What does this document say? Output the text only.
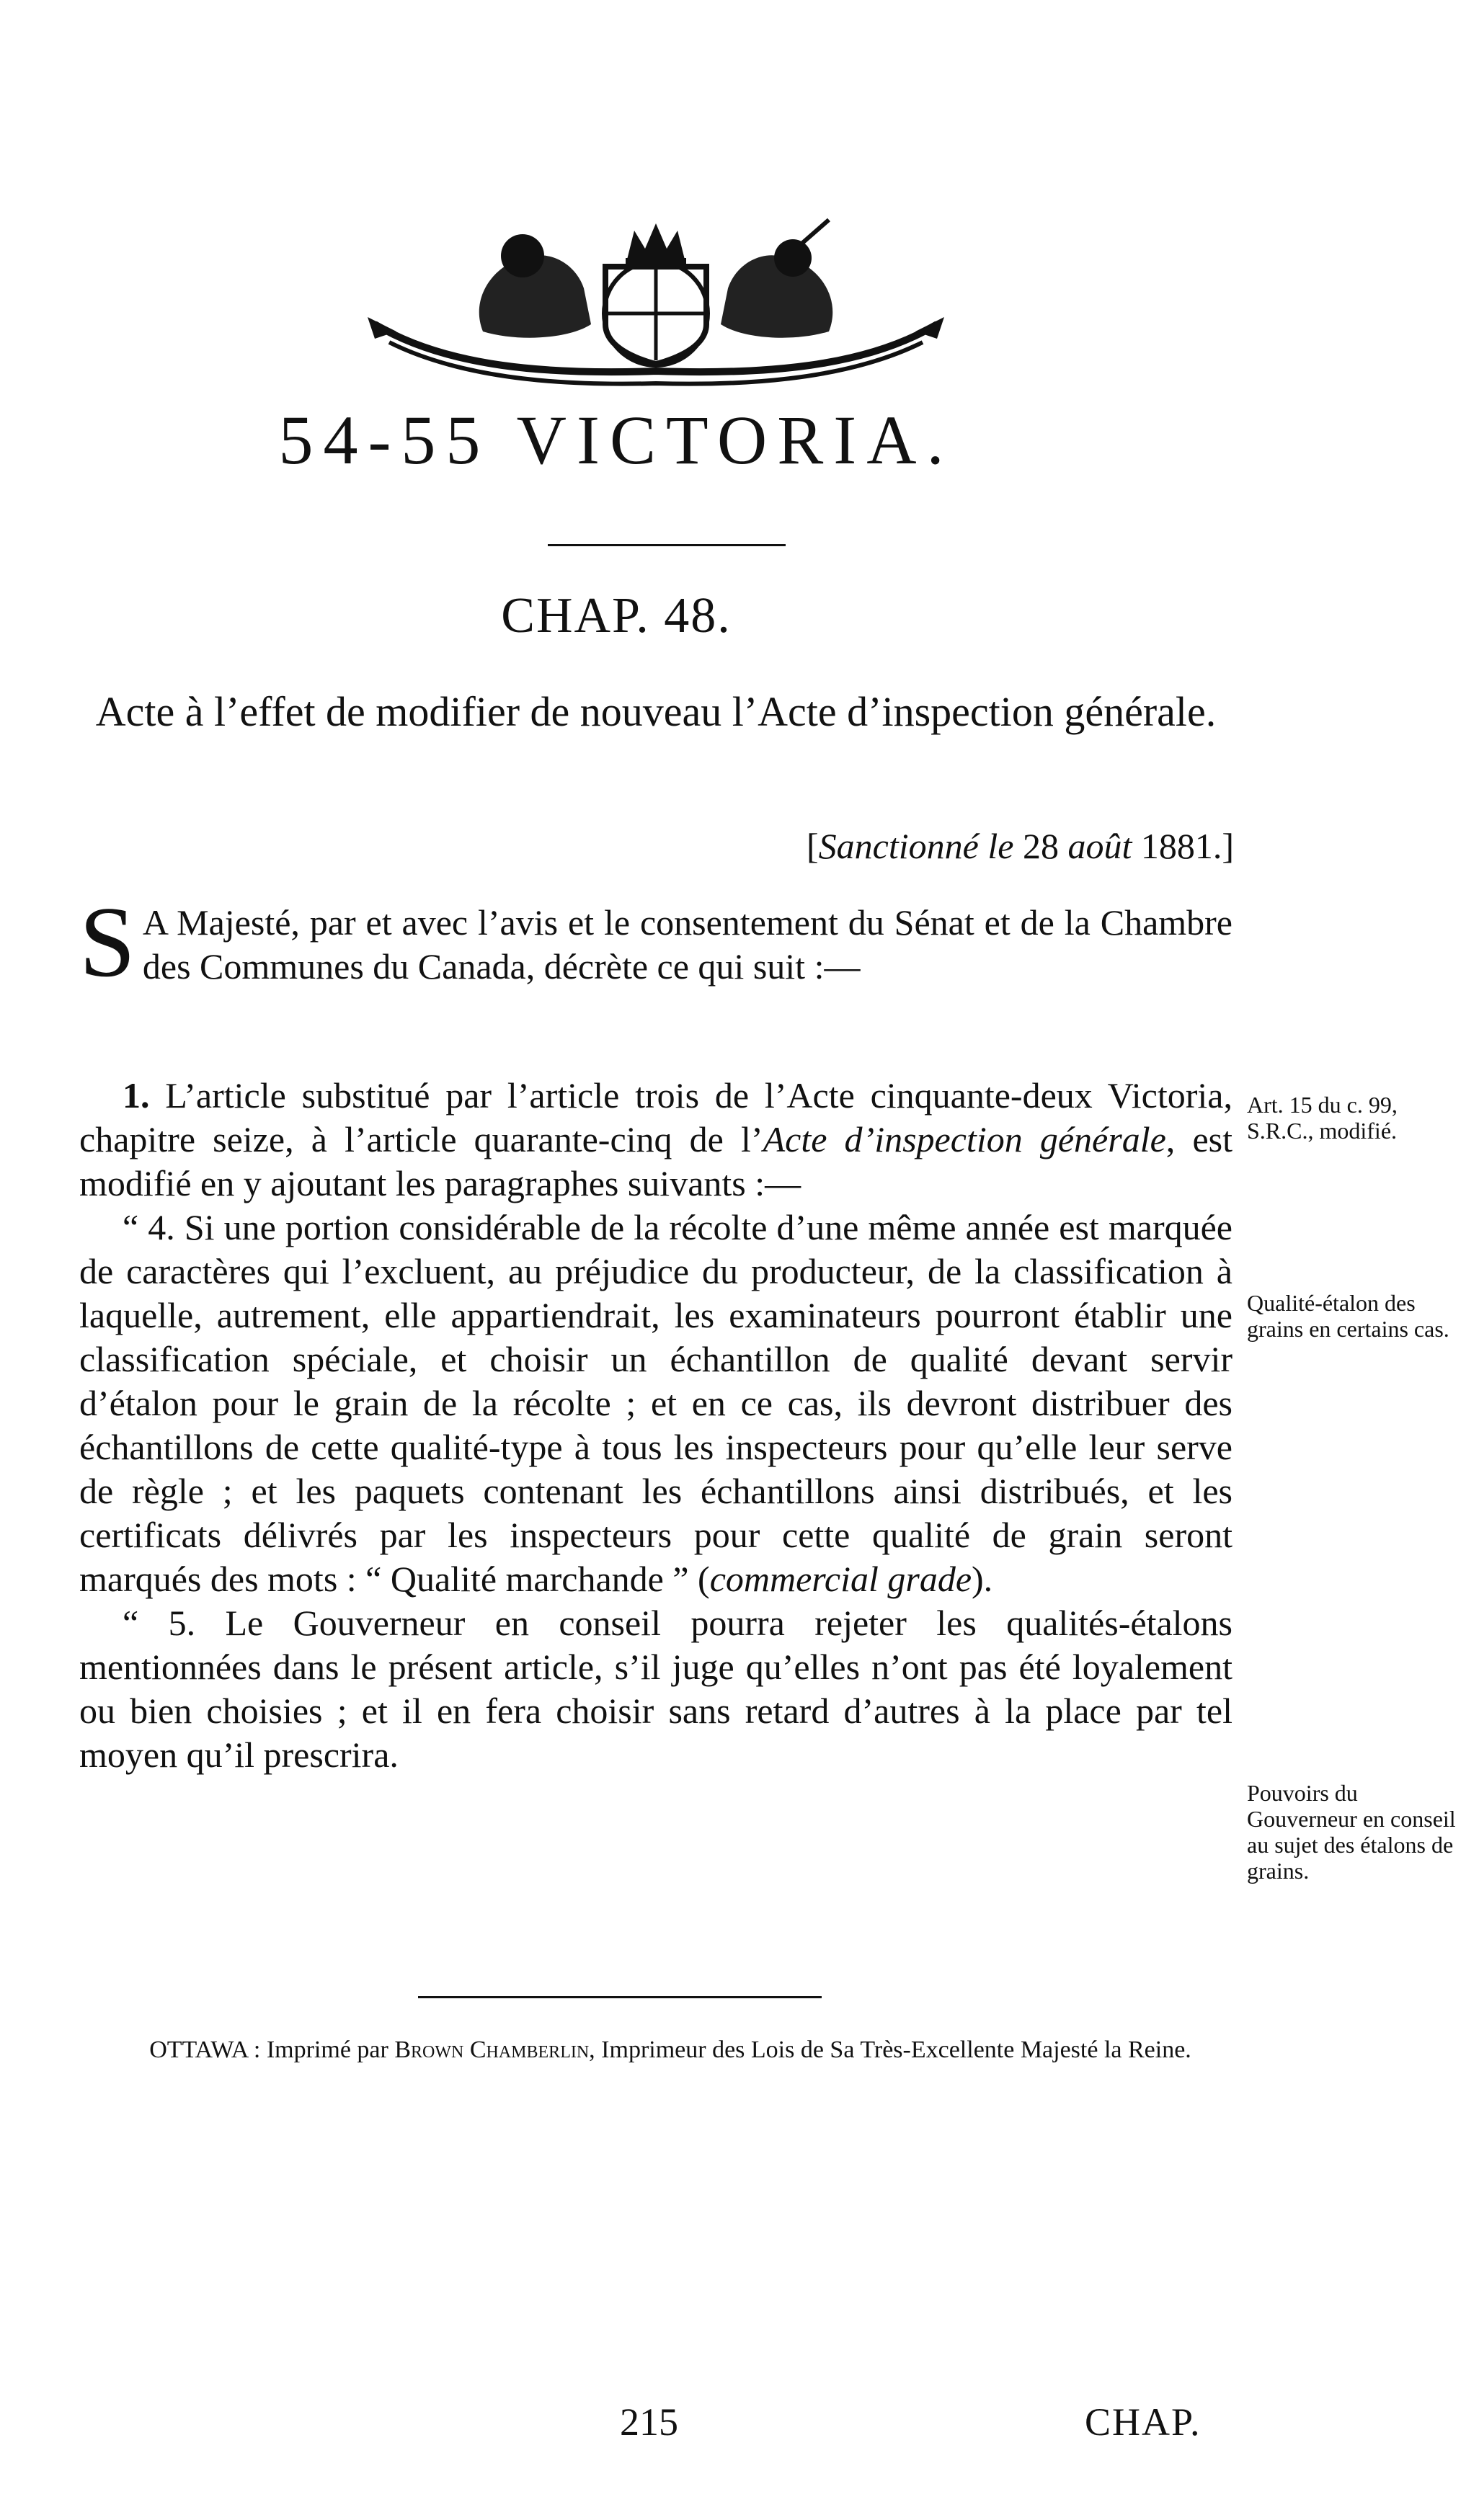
54-55 VICTORIA.
CHAP. 48.
Acte à l’effet de modifier de nouveau l’Acte d’inspection générale.
[Sanctionné le 28 août 1881.]

S A Majesté, par et avec l’avis et le consentement du Sénat et de la Chambre des Communes du Canada, décrète ce qui suit :—

1. L’article substitué par l’article trois de l’Acte cinquante-deux Victoria, chapitre seize, à l’article quarante-cinq de l’Acte d’inspection générale, est modifié en y ajoutant les paragraphes suivants :—

“ 4. Si une portion considérable de la récolte d’une même année est marquée de caractères qui l’excluent, au préjudice du producteur, de la classification à laquelle, autrement, elle appartiendrait, les examinateurs pourront établir une classification spéciale, et choisir un échantillon de qualité devant servir d’étalon pour le grain de la récolte ; et en ce cas, ils devront distribuer des échantillons de cette qualité-type à tous les inspecteurs pour qu’elle leur serve de règle ; et les paquets contenant les échantillons ainsi distribués, et les certificats délivrés par les inspecteurs pour cette qualité de grain seront marqués des mots : “ Qualité marchande ” (commercial grade).

“ 5. Le Gouverneur en conseil pourra rejeter les qualités-étalons mentionnées dans le présent article, s’il juge qu’elles n’ont pas été loyalement ou bien choisies ; et il en fera choisir sans retard d’autres à la place par tel moyen qu’il prescrira.

Art. 15 du c. 99, S.R.C., modifié.
Qualité-étalon des grains en certains cas.
Pouvoirs du Gouverneur en conseil au sujet des étalons de grains.
OTTAWA : Imprimé par Brown Chamberlin, Imprimeur des Lois de Sa Très-Excellente Majesté la Reine.
215	CHAP.
